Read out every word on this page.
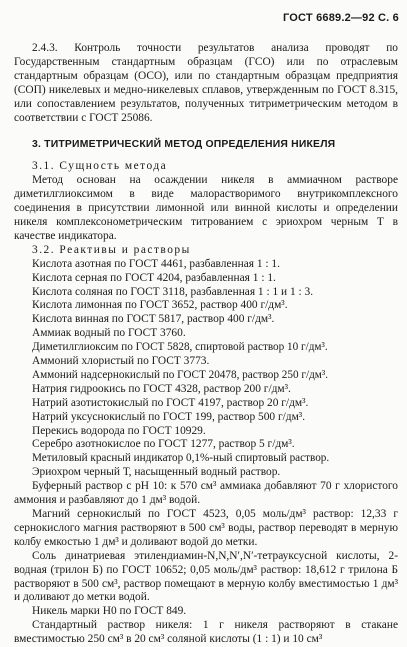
ГОСТ 6689.2—92 С. 6

2.4.3. Контроль точности результатов анализа проводят по Государственным стандартным образцам (ГСО) или по отраслевым стандартным образцам (ОСО), или по стандартным образцам предприятия (СОП) никелевых и медно-никелевых сплавов, утвержденным по ГОСТ 8.315, или сопоставлением результатов, полученных титриметрическим методом в соответствии с ГОСТ 25086.

3. ТИТРИМЕТРИЧЕСКИЙ МЕТОД ОПРЕДЕЛЕНИЯ НИКЕЛЯ

3.1. Сущность метода

Метод основан на осаждении никеля в аммиачном растворе диметилглиоксимом в виде малорастворимого внутрикомплексного соединения в присутствии лимонной или винной кислоты и определении никеля комплексонометрическим титрованием с эриохром черным Т в качестве индикатора.

3.2. Реактивы и растворы

Кислота азотная по ГОСТ 4461, разбавленная 1 : 1.

Кислота серная по ГОСТ 4204, разбавленная 1 : 1.

Кислота соляная по ГОСТ 3118, разбавленная 1 : 1 и 1 : 3.

Кислота лимонная по ГОСТ 3652, раствор 400 г/дм³.

Кислота винная по ГОСТ 5817, раствор 400 г/дм³.

Аммиак водный по ГОСТ 3760.

Диметилглиоксим по ГОСТ 5828, спиртовой раствор 10 г/дм³.

Аммоний хлористый по ГОСТ 3773.

Аммоний надсернокислый по ГОСТ 20478, раствор 250 г/дм³.

Натрия гидроокись по ГОСТ 4328, раствор 200 г/дм³.

Натрий азотистокислый по ГОСТ 4197, раствор 20 г/дм³.

Натрий уксуснокислый по ГОСТ 199, раствор 500 г/дм³.

Перекись водорода по ГОСТ 10929.

Серебро азотнокислое по ГОСТ 1277, раствор 5 г/дм³.

Метиловый красный индикатор 0,1%-ный спиртовый раствор.

Эриохром черный Т, насыщенный водный раствор.

Буферный раствор с pH 10: к 570 см³ аммиака добавляют 70 г хлористого аммония и разбавляют до 1 дм³ водой.

Магний сернокислый по ГОСТ 4523, 0,05 моль/дм³ раствор: 12,33 г сернокислого магния растворяют в 500 см³ воды, раствор переводят в мерную колбу емкостью 1 дм³ и доливают водой до метки.

Соль динатриевая этилендиамин-N,N,N′,N′-тетрауксусной кислоты, 2-водная (трилон Б) по ГОСТ 10652; 0,05 моль/дм³ раствор: 18,612 г трилона Б растворяют в 500 см³, раствор помещают в мерную колбу вместимостью 1 дм³ и доливают до метки водой.

Никель марки Н0 по ГОСТ 849.

Стандартный раствор никеля: 1 г никеля растворяют в стакане вместимостью 250 см³ в 20 см³ соляной кислоты (1 : 1) и 10 см³
